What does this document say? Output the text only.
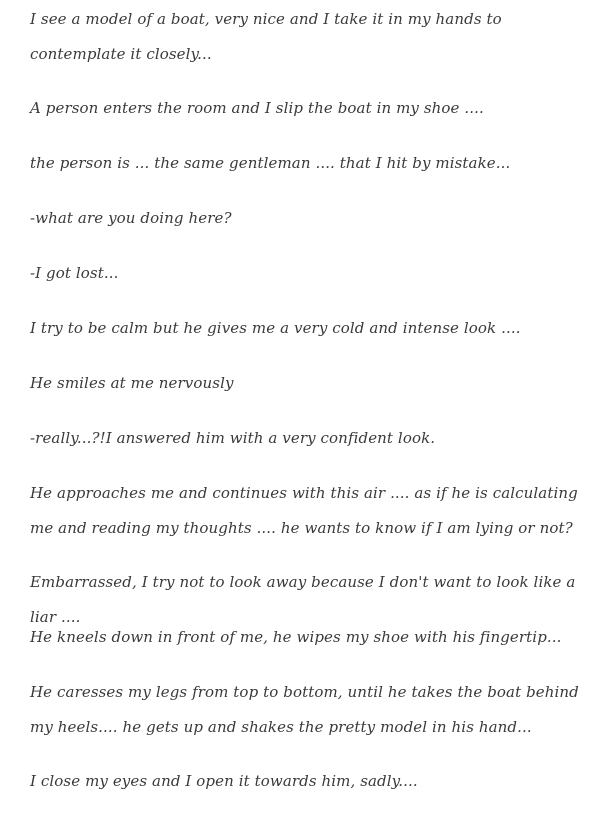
I see a model of a boat, very nice and I take it in my hands to contemplate it closely...

A person enters the room and I slip the boat in my shoe ....

the person is ... the same gentleman .... that I hit by mistake...

-what are you doing here?

-I got lost...

I try to be calm but he gives me a very cold and intense look ....

He smiles at me nervously

-really...?!I answered him with a very confident look.

He approaches me and continues with this air .... as if he is calculating me and reading my thoughts .... he wants to know if I am lying or not?

Embarrassed, I try not to look away because I don't want to look like a liar ....

He kneels down in front of me, he wipes my shoe with his fingertip...

He caresses my legs from top to bottom, until he takes the boat behind my heels.... he gets up and shakes the pretty model in his hand...

I close my eyes and I open it towards him, sadly....
